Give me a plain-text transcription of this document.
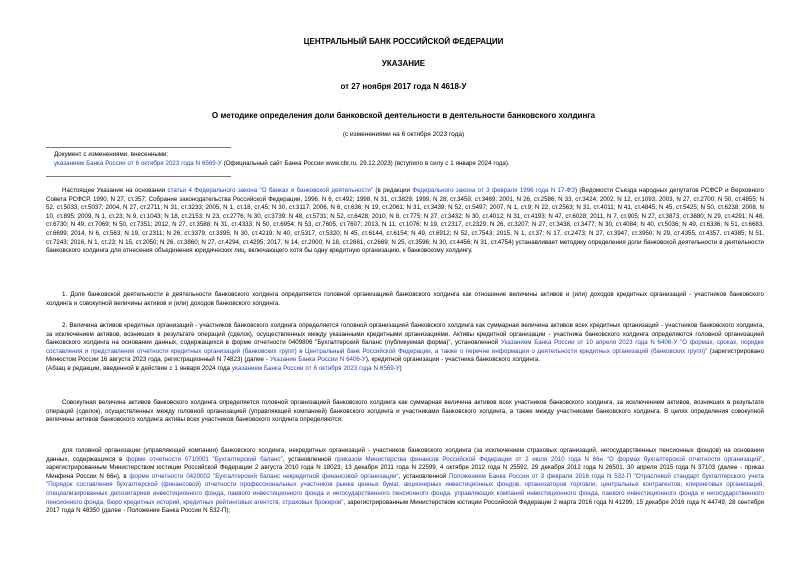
ЦЕНТРАЛЬНЫЙ БАНК РОССИЙСКОЙ ФЕДЕРАЦИИ
УКАЗАНИЕ
от 27 ноября 2017 года N 4618-У
О методике определения доли банковской деятельности в деятельности банковского холдинга
(с изменениями на 6 октября 2023 года)
Документ с изменениями, внесенными:
указанием Банка России от 6 октября 2023 года N 6569-У (Официальный сайт Банка России www.cbr.ru, 29.12.2023) (вступило в силу с 1 января 2024 года).
Настоящее Указание на основании статьи 4 Федерального закона "О банках и банковской деятельности" (в редакции Федерального закона от 3 февраля 1996 года N 17-ФЗ) (Ведомости Съезда народных депутатов РСФСР и Верховного Совета РСФСР, 1990, N 27, ст.357; Собрание законодательства Российской Федерации, 1996, N 6, ст.492; 1998, N 31, ст.3829; 1999, N 28, ст.3459, ст.3469; 2001, N 26, ст.2586; N 33, ст.3424; 2002, N 12, ст.1093; 2003, N 27, ст.2700; N 50, ст.4855; N 52, ст.5033, ст.5037; 2004, N 27, ст.2711; N 31, ст.3233; 2005, N 1, ст.18, ст.45; N 30, ст.3117; 2006, N 6, ст.636; N 19, ст.2061; N 31, ст.3439; N 52, ст.5497; 2007, N 1, ст.9; N 22, ст.2563; N 31, ст.4011; N 41, ст.4845; N 45, ст.5425; N 50, ст.6238; 2008, N 10, ст.895; 2009, N 1, ст.23; N 9, ст.1043; N 18, ст.2153; N 23, ст.2776; N 30, ст.3739; N 48, ст.5731; N 52, ст.6428; 2010, N 8, ст.775; N 27, ст.3432; N 30, ст.4012; N 31, ст.4193; N 47, ст.6028; 2011, N 7, ст.905; N 27, ст.3873, ст.3880; N 29, ст.4291; N 48, ст.6730; N 49, ст.7069; N 50, ст.7351; 2012, N 27, ст.3588; N 31, ст.4333; N 50, ст.6954; N 53, ст.7605, ст.7607; 2013, N 11, ст.1076; N 19, ст.2317, ст.2329; N 26, ст.3207; N 27, ст.3438, ст.3477; N 30, ст.4084; N 40, ст.5036; N 49, ст.6336; N 51, ст.6683, ст.6699; 2014, N 6, ст.563; N 19, ст.2311; N 26, ст.3379, ст.3395; N 30, ст.4219; N 40, ст.5317, ст.5320; N 45, ст.6144, ст.6154; N 49, ст.6912; N 52, ст.7543; 2015, N 1, ст.37; N 17, ст.2473; N 27, ст.3947, ст.3950; N 29, ст.4355, ст.4357, ст.4385; N 51, ст.7243; 2016, N 1, ст.23; N 15, ст.2050; N 26, ст.3860; N 27, ст.4294, ст.4295; 2017, N 14, ст.2000; N 18, ст.2661, ст.2669; N 25, ст.3596; N 30, ст.4456; N 31, ст.4754) устанавливает методику определения доли банковской деятельности в деятельности банковского холдинга для отнесения объединения юридических лиц, включающего хотя бы одну кредитную организацию, к банковскому холдингу.
1. Доля банковской деятельности в деятельности банковского холдинга определяется головной организацией банковского холдинга как отношение величины активов и (или) доходов кредитных организаций - участников банковского холдинга и совокупной величины активов и (или) доходов банковского холдинга.
2. Величина активов кредитных организаций - участников банковского холдинга определяется головной организацией банковского холдинга как суммарная величина активов всех кредитных организаций - участников банковского холдинга, за исключением активов, возникших в результате операций (сделок), осуществленных между указанными кредитными организациями. Активы кредитной организации - участника банковского холдинга определяются головной организацией банковского холдинга на основании данных, содержащихся в форме отчетности 0409806 "Бухгалтерский баланс (публикуемая форма)", установленной Указанием Банка России от 10 апреля 2023 года N 6406-У "О формах, сроках, порядке составления и представления отчетности кредитных организаций (банковских групп) в Центральный банк Российской Федерации, а также о перечне информации о деятельности кредитных организаций (банковских групп)" (зарегистрировано Минюстом России 16 августа 2023 года, регистрационный N 74823) (далее - Указание Банка России N 6406-У), кредитной организации - участника банковского холдинга.
(Абзац в редакции, введенной в действие с 1 января 2024 года указанием Банка России от 6 октября 2023 года N 6569-У)
Совокупная величина активов банковского холдинга определяется головной организацией банковского холдинга как суммарная величина активов всех участников банковского холдинга, за исключением активов, возникших в результате операций (сделок), осуществленных между головной организацией (управляющей компанией) банковского холдинга и участниками банковского холдинга, а также между участниками банковского холдинга. В целях определения совокупной величины активов банковского холдинга активы всех участников банковского холдинга определяются:
для головной организации (управляющей компании) банковского холдинга, некредитных организаций - участников банковского холдинга (за исключением страховых организаций, негосударственных пенсионных фондов) на основании данных, содержащихся в форме отчетности 0710001 "Бухгалтерский баланс", установленной приказом Министерства финансов Российской Федерации от 2 июля 2010 года N 66н "О формах бухгалтерской отчетности организаций", зарегистрированным Министерством юстиции Российской Федерации 2 августа 2010 года N 18023, 13 декабря 2011 года N 22599, 4 октября 2012 года N 25592, 29 декабря 2012 года N 26501, 30 апреля 2015 года N 37103 (далее - приказ Минфина России N 66н), в форме отчетности 0420002 "Бухгалтерский баланс некредитной финансовой организации", установленной Положением Банка России от 3 февраля 2016 года N 532-П "Отраслевой стандарт бухгалтерского учета "Порядок составления бухгалтерской (финансовой) отчетности профессиональных участников рынка ценных бумаг, акционерных инвестиционных фондов, организаторов торговли, центральных контрагентов, клиринговых организаций, специализированных депозитариев инвестиционного фонда, паевого инвестиционного фонда и негосударственного пенсионного фонда, управляющих компаний инвестиционного фонда, паевого инвестиционного фонда и негосударственного пенсионного фонда, бюро кредитных историй, кредитных рейтинговых агентств, страховых брокеров", зарегистрированным Министерством юстиции Российской Федерации 2 марта 2016 года N 41299, 15 декабря 2016 года N 44749, 28 сентября 2017 года N 48350 (далее - Положение Банка России N 532-П);
